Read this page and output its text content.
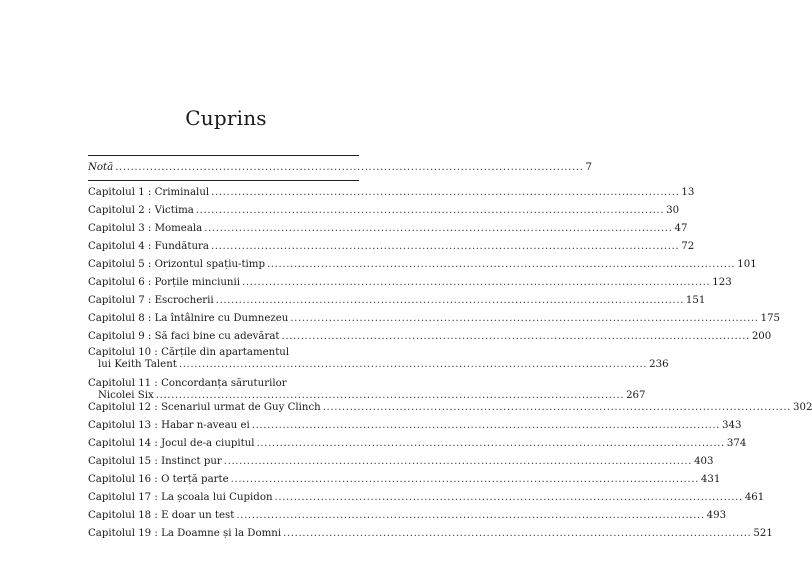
Cuprins
Notă .......................................................................................................................... 7
Capitolul 1 : Criminalul .......................................................................................................................... 13
Capitolul 2 : Victima .......................................................................................................................... 30
Capitolul 3 : Momeala .......................................................................................................................... 47
Capitolul 4 : Fundătura .......................................................................................................................... 72
Capitolul 5 : Orizontul spațiu-timp .......................................................................................................................... 101
Capitolul 6 : Porțile minciunii .......................................................................................................................... 123
Capitolul 7 : Escrocherii .......................................................................................................................... 151
Capitolul 8 : La întâlnire cu Dumnezeu .......................................................................................................................... 175
Capitolul 9 : Să faci bine cu adevărat .......................................................................................................................... 200
Capitolul 10 : Cărțile din apartamentul
lui Keith Talent .......................................................................................................................... 236
Capitolul 11 : Concordanța săruturilor
Nicolei Six .......................................................................................................................... 267
Capitolul 12 : Scenariul urmat de Guy Clinch .......................................................................................................................... 302
Capitolul 13 : Habar n-aveau ei .......................................................................................................................... 343
Capitolul 14 : Jocul de-a ciupitul .......................................................................................................................... 374
Capitolul 15 : Instinct pur .......................................................................................................................... 403
Capitolul 16 : O terță parte .......................................................................................................................... 431
Capitolul 17 : La școala lui Cupidon .......................................................................................................................... 461
Capitolul 18 : E doar un test .......................................................................................................................... 493
Capitolul 19 : La Doamne și la Domni .......................................................................................................................... 521
